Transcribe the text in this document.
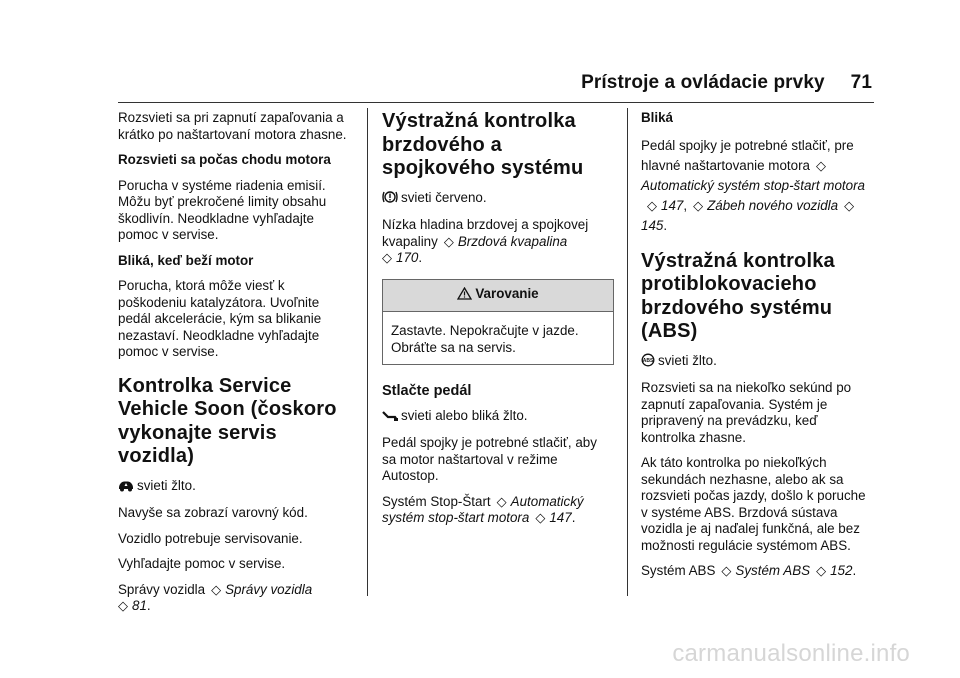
Prístroje a ovládacie prvky 71

Rozsvieti sa pri zapnutí zapaľovania a krátko po naštartovaní motora zhasne.

Rozsvieti sa počas chodu motora

Porucha v systéme riadenia emisií. Môžu byť prekročené limity obsahu škodlivín. Neodkladne vyhľadajte pomoc v servise.

Bliká, keď beží motor

Porucha, ktorá môže viesť k poškodeniu katalyzátora. Uvoľnite pedál akcelerácie, kým sa blikanie nezastaví. Neodkladne vyhľadajte pomoc v servise.

Kontrolka Service Vehicle Soon (čoskoro vykonajte servis vozidla)

svieti žlto.

Navyše sa zobrazí varovný kód.

Vozidlo potrebuje servisovanie.

Vyhľadajte pomoc v servise.

Správy vozidla ◇ Správy vozidla
◇ 81.

Výstražná kontrolka brzdového a spojkového systému

svieti červeno.

Nízka hladina brzdovej a spojkovej kvapaliny ◇ Brzdová kvapalina
◇ 170.

Varovanie
Zastavte. Nepokračujte v jazde. Obráťte sa na servis.

Stlačte pedál

svieti alebo bliká žlto.

Pedál spojky je potrebné stlačiť, aby sa motor naštartoval v režime Autostop.

Systém Stop-Štart ◇ Automatický systém stop-štart motora ◇ 147.

Bliká

Pedál spojky je potrebné stlačiť, pre hlavné naštartovanie motora ◇Automatický systém stop-štart motora◇ 147, ◇ Zábeh nového vozidla ◇145.

Výstražná kontrolka protiblokovacieho brzdového systému (ABS)

ABS svieti žlto.

Rozsvieti sa na niekoľko sekúnd po zapnutí zapaľovania. Systém je pripravený na prevádzku, keď kontrolka zhasne.

Ak táto kontrolka po niekoľkých sekundách nezhasne, alebo ak sa rozsvieti počas jazdy, došlo k poruche v systéme ABS. Brzdová sústava vozidla je aj naďalej funkčná, ale bez možnosti regulácie systémom ABS.

Systém ABS ◇ Systém ABS ◇ 152.

carmanualsonline.info
